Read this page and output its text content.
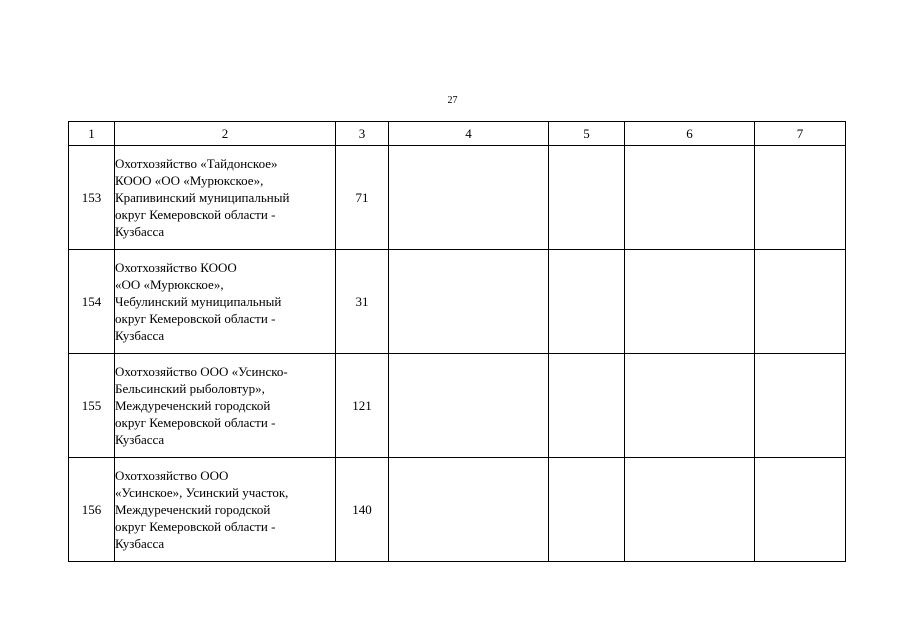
27
1	2	3	4	5	6	7
153	Охотхозяйство «Тайдонское»
КООО «ОО «Мурюкское»,
Крапивинский муниципальный
округ Кемеровской области -
Кузбасса	71				
154	Охотхозяйство КООО
«ОО «Мурюкское»,
Чебулинский муниципальный
округ Кемеровской области -
Кузбасса	31				
155	Охотхозяйство ООО «Усинско-
Бельсинский рыболовтур»,
Междуреченский городской
округ Кемеровской области -
Кузбасса	121				
156	Охотхозяйство ООО
«Усинское», Усинский участок,
Междуреченский городской
округ Кемеровской области -
Кузбасса	140				
